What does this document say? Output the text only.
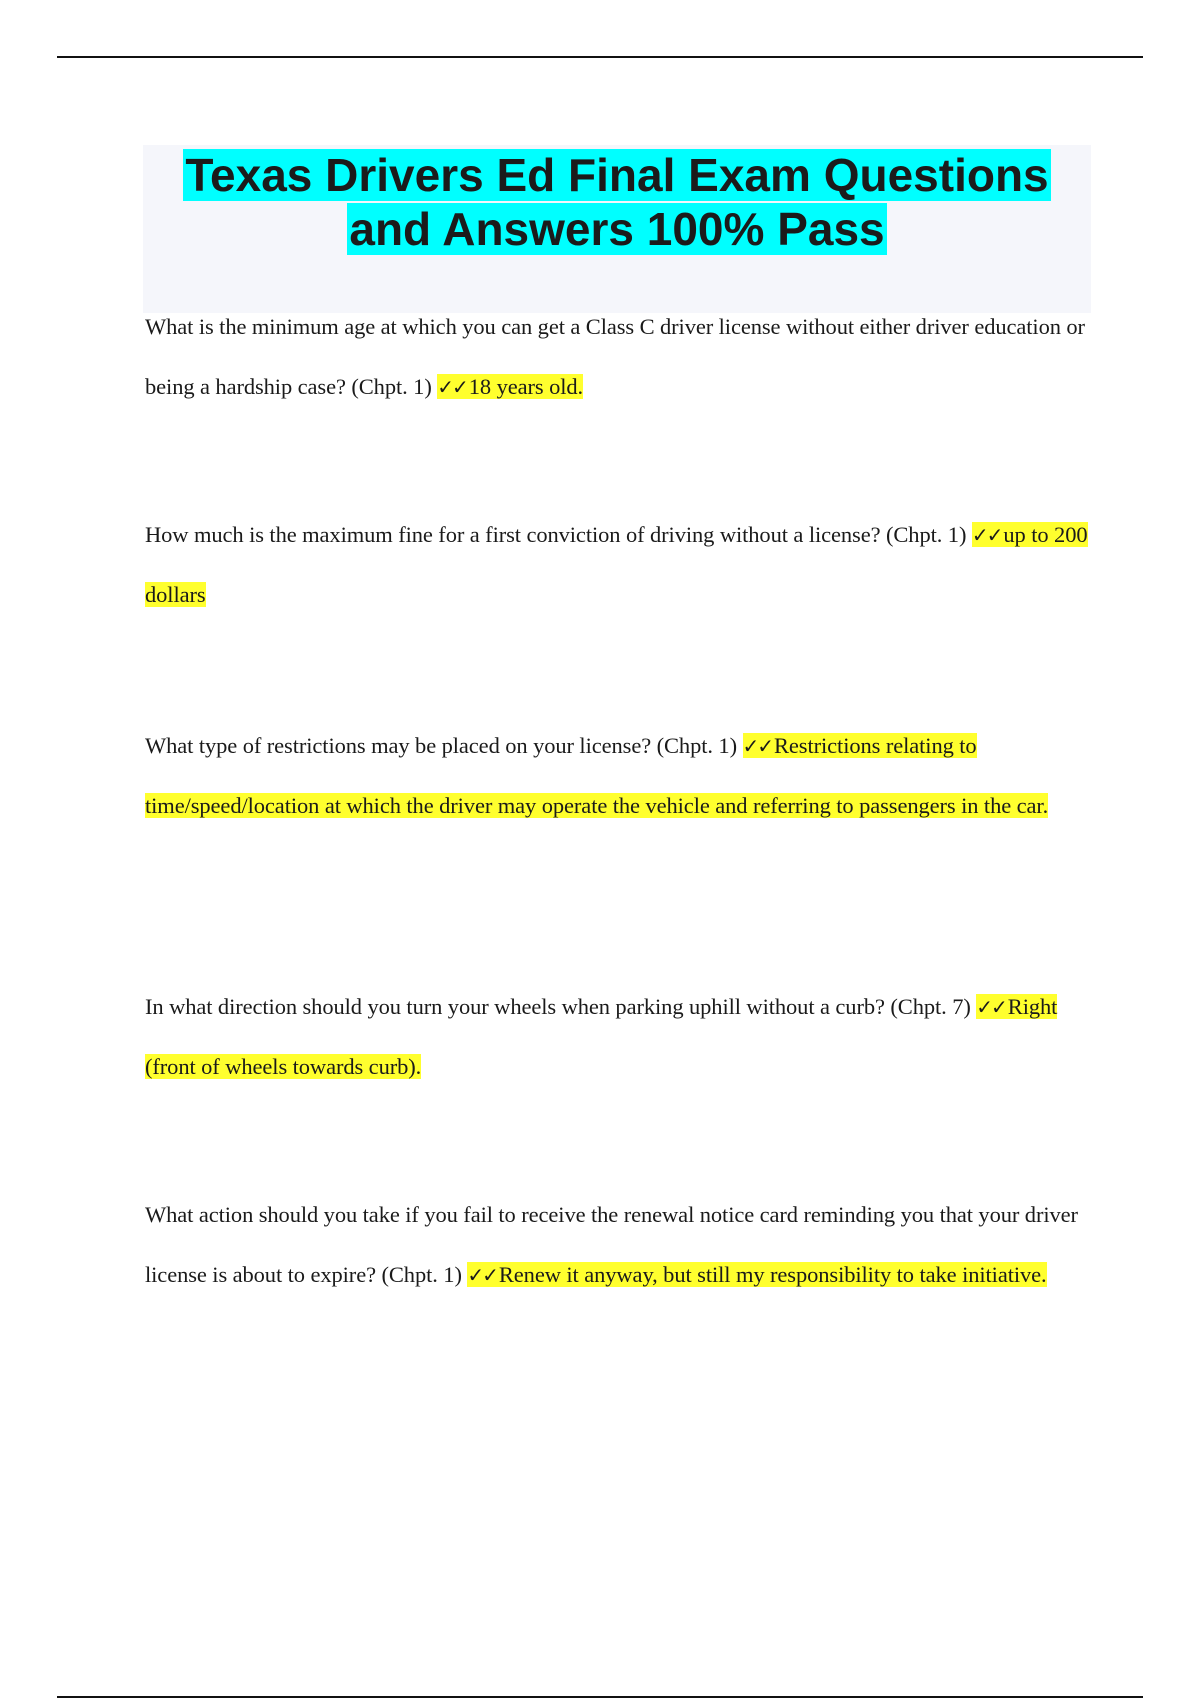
Texas Drivers Ed Final Exam Questions and Answers 100% Pass

What is the minimum age at which you can get a Class C driver license without either driver education or being a hardship case? (Chpt. 1) ✓✓18 years old.

How much is the maximum fine for a first conviction of driving without a license? (Chpt. 1) ✓✓up to 200 dollars

What type of restrictions may be placed on your license? (Chpt. 1) ✓✓Restrictions relating to time/speed/location at which the driver may operate the vehicle and referring to passengers in the car.

In what direction should you turn your wheels when parking uphill without a curb? (Chpt. 7) ✓✓Right (front of wheels towards curb).

What action should you take if you fail to receive the renewal notice card reminding you that your driver license is about to expire? (Chpt. 1) ✓✓Renew it anyway, but still my responsibility to take initiative.
